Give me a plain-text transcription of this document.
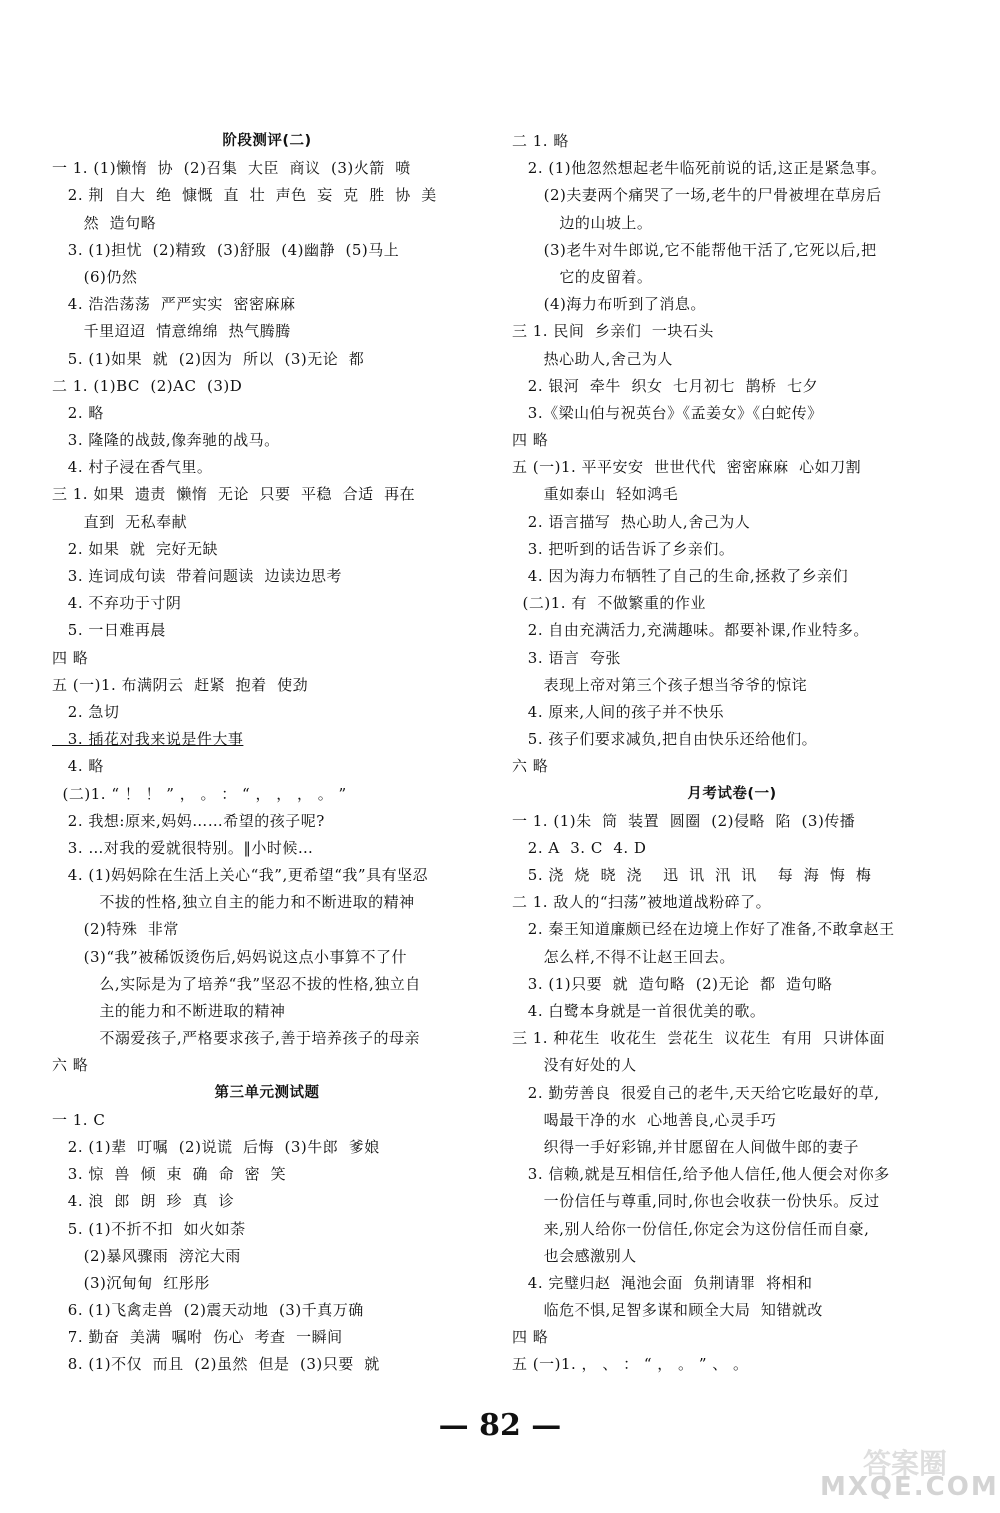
阶段测评(二)
一 1. (1)懒惰  协  (2)召集  大臣  商议  (3)火箭  喷
2. 荆  自大  绝  慷慨  直  壮  声色  妄  克  胜  协  美
然  造句略
3. (1)担忧  (2)精致  (3)舒服  (4)幽静  (5)马上
(6)仍然
4. 浩浩荡荡  严严实实  密密麻麻
千里迢迢  情意绵绵  热气腾腾
5. (1)如果  就  (2)因为  所以  (3)无论  都
二 1. (1)BC  (2)AC  (3)D
2. 略
3. 隆隆的战鼓,像奔驰的战马。
4. 村子浸在香气里。
三 1. 如果  遗责  懒惰  无论  只要  平稳  合适  再在
直到  无私奉献
2. 如果  就  完好无缺
3. 连词成句读  带着问题读  边读边思考
4. 不弃功于寸阴
5. 一日难再晨
四 略
五 (一)1. 布满阴云  赶紧  抱着  使劲
2. 急切
3. 插花对我来说是件大事
4. 略
(二)1. “ ！ ！ ” ， 。 ： “ ， ， ， 。 ”
2. 我想:原来,妈妈……希望的孩子呢?
3. …对我的爱就很特别。‖小时候…
4. (1)妈妈除在生活上关心“我”,更希望“我”具有坚忍
不拔的性格,独立自主的能力和不断进取的精神
(2)特殊  非常
(3)“我”被稀饭烫伤后,妈妈说这点小事算不了什
么,实际是为了培养“我”坚忍不拔的性格,独立自
主的能力和不断进取的精神
不溺爱孩子,严格要求孩子,善于培养孩子的母亲
六 略
第三单元测试题
一 1. C
2. (1)辈  叮嘱  (2)说谎  后悔  (3)牛郎  爹娘
3. 惊  兽  倾  束  确  命  密  笑
4. 浪  郎  朗  珍  真  诊
5. (1)不折不扣  如火如荼
(2)暴风骤雨  滂沱大雨
(3)沉甸甸  红彤彤
6. (1)飞禽走兽  (2)震天动地  (3)千真万确
7. 勤奋  美满  嘱咐  伤心  考查  一瞬间
8. (1)不仅  而且  (2)虽然  但是  (3)只要  就
二 1. 略
2. (1)他忽然想起老牛临死前说的话,这正是紧急事。
(2)夫妻两个痛哭了一场,老牛的尸骨被埋在草房后
边的山坡上。
(3)老牛对牛郎说,它不能帮他干活了,它死以后,把
它的皮留着。
(4)海力布听到了消息。
三 1. 民间  乡亲们  一块石头
热心助人,舍己为人
2. 银河  牵牛  织女  七月初七  鹊桥  七夕
3.《梁山伯与祝英台》《孟姜女》《白蛇传》
四 略
五 (一)1. 平平安安  世世代代  密密麻麻  心如刀割
重如泰山  轻如鸿毛
2. 语言描写  热心助人,舍己为人
3. 把听到的话告诉了乡亲们。
4. 因为海力布牺牲了自己的生命,拯救了乡亲们
(二)1. 有  不做繁重的作业
2. 自由充满活力,充满趣味。都要补课,作业特多。
3. 语言  夸张
表现上帝对第三个孩子想当爷爷的惊诧
4. 原来,人间的孩子并不快乐
5. 孩子们要求减负,把自由快乐还给他们。
六 略
月考试卷(一)
一 1. (1)朱  筒  装置  圆圈  (2)侵略  陷  (3)传播
2. A  3. C  4. D
5. 浇  烧  晓  浇    迅  讯  汛  讯    每  海  悔  梅
二 1. 敌人的“扫荡”被地道战粉碎了。
2. 秦王知道廉颇已经在边境上作好了准备,不敢拿赵王
怎么样,不得不让赵王回去。
3. (1)只要  就  造句略  (2)无论  都  造句略
4. 白鹭本身就是一首很优美的歌。
三 1. 种花生  收花生  尝花生  议花生  有用  只讲体面
没有好处的人
2. 勤劳善良  很爱自己的老牛,天天给它吃最好的草,
喝最干净的水  心地善良,心灵手巧
织得一手好彩锦,并甘愿留在人间做牛郎的妻子
3. 信赖,就是互相信任,给予他人信任,他人便会对你多
一份信任与尊重,同时,你也会收获一份快乐。反过
来,别人给你一份信任,你定会为这份信任而自豪,
也会感激别人
4. 完璧归赵  渑池会面  负荆请罪  将相和
临危不惧,足智多谋和顾全大局  知错就改
四 略
五 (一)1. ， 、 ： “ ， 。 ” 、 。
— 82 —
答案圈
MXQE.COM
